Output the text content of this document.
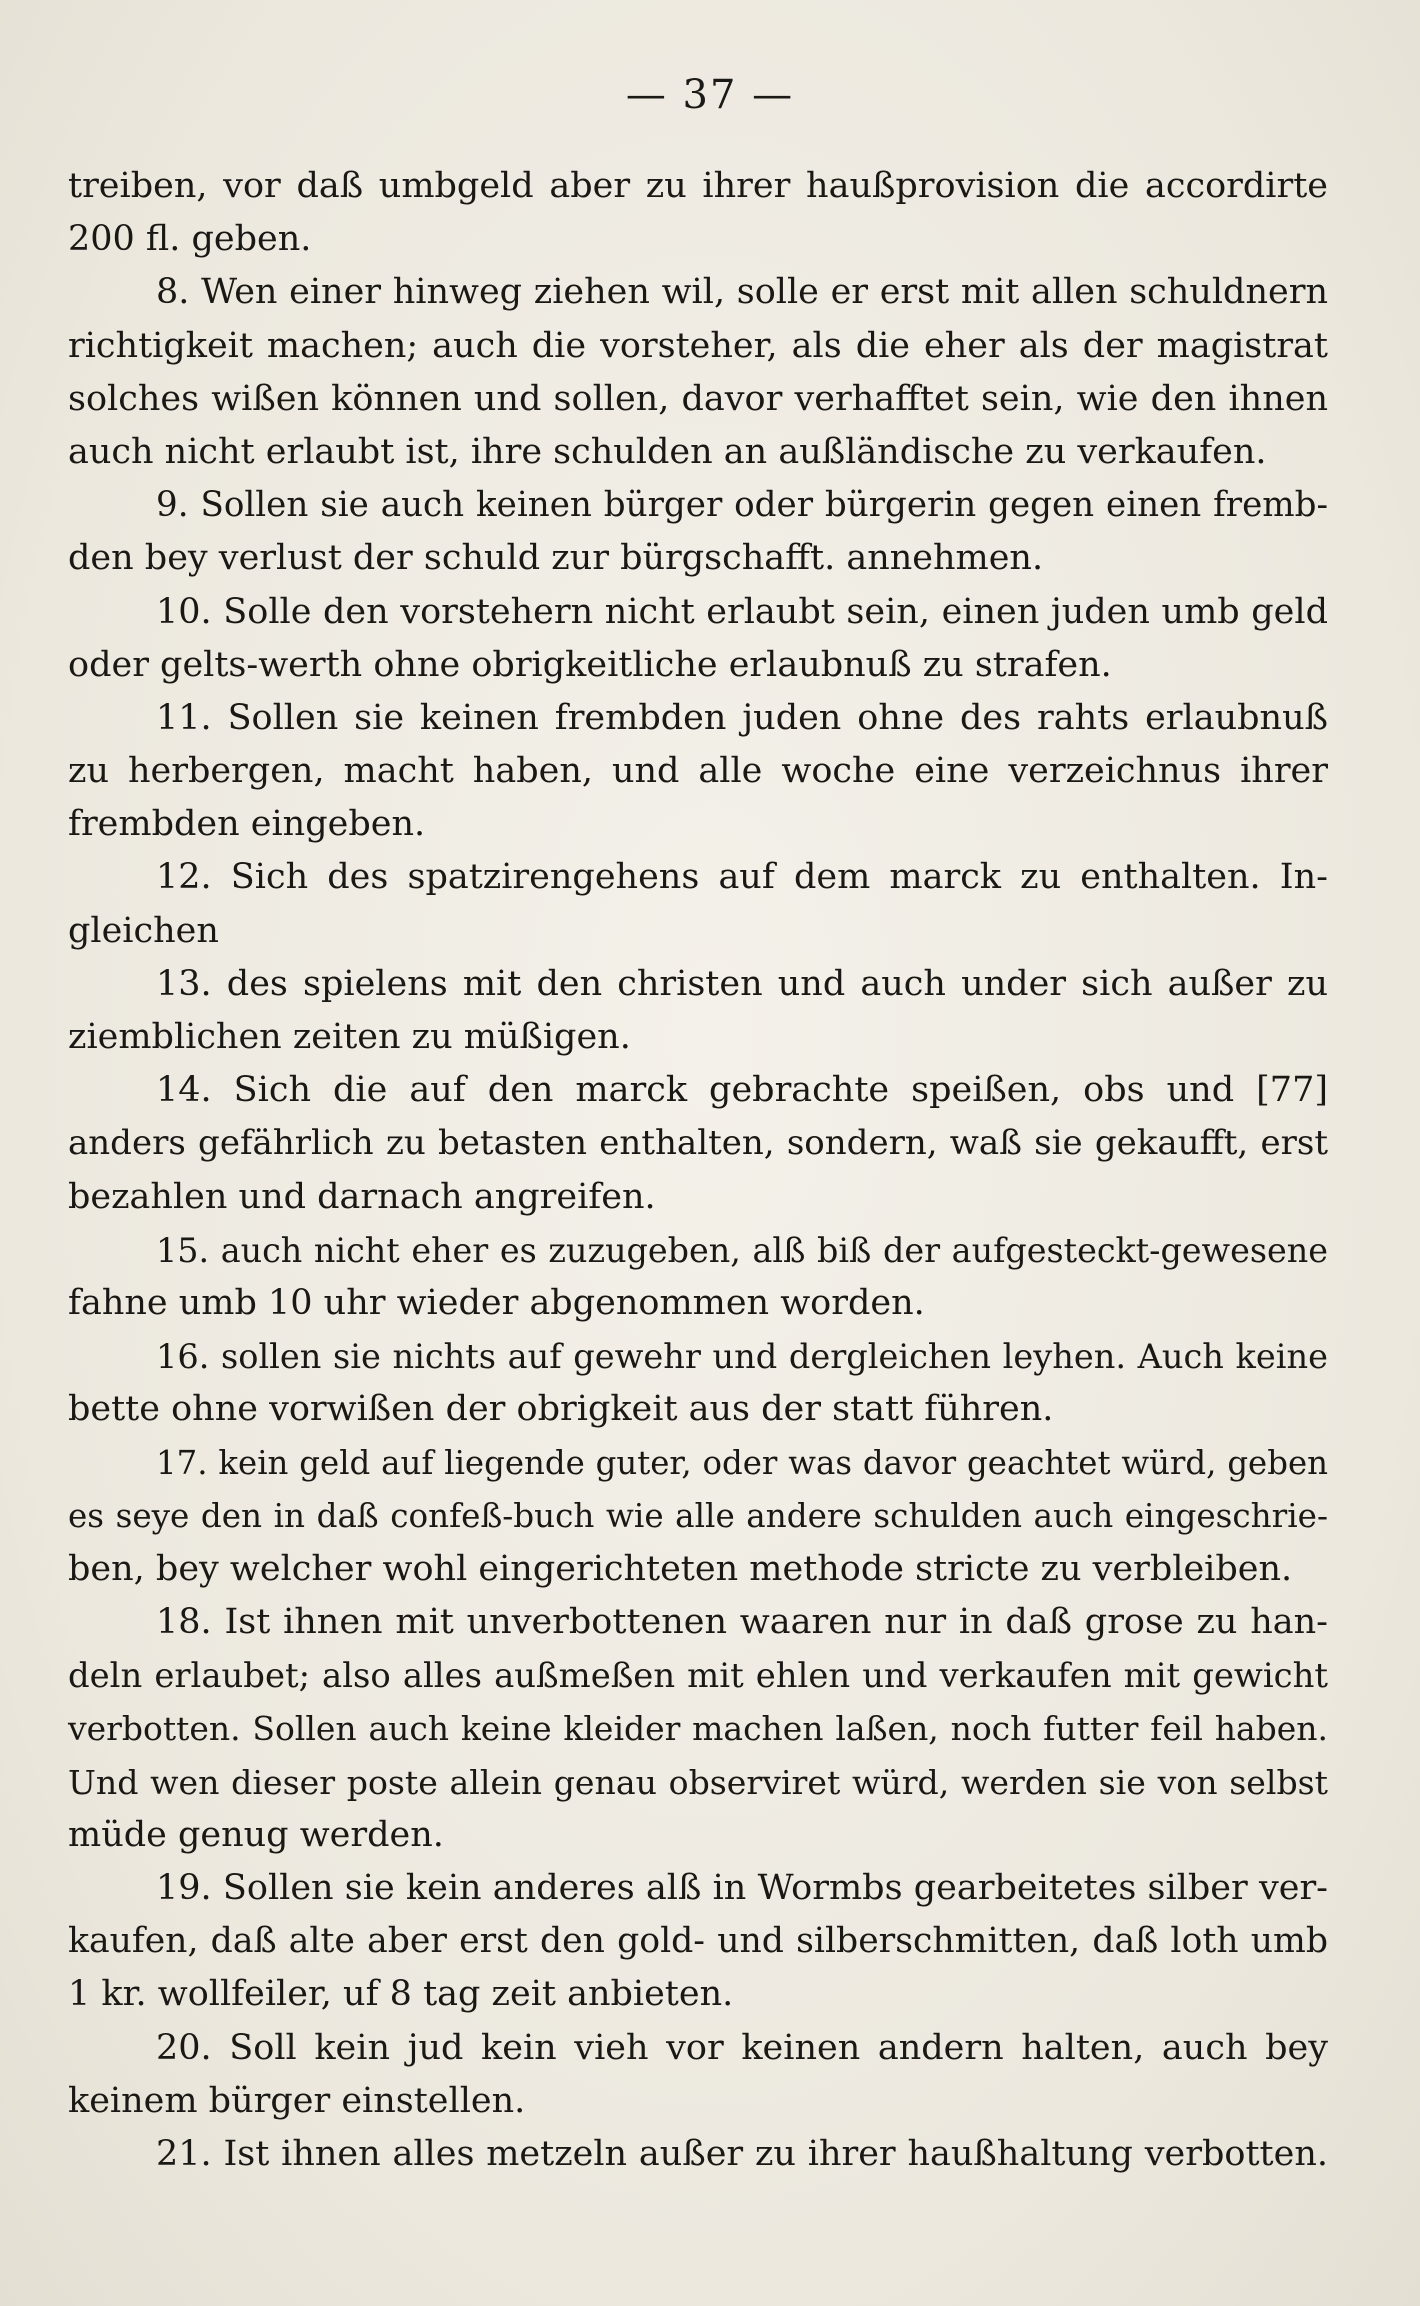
— 37 —
treiben, vor daß umbgeld aber zu ihrer haußprovision die accordirte
200 fl. geben.
8. Wen einer hinweg ziehen wil, solle er erst mit allen schuldnern
richtigkeit machen; auch die vorsteher, als die eher als der magistrat
solches wißen können und sollen, davor verhafftet sein, wie den ihnen
auch nicht erlaubt ist, ihre schulden an außländische zu verkaufen.
9. Sollen sie auch keinen bürger oder bürgerin gegen einen fremb-
den bey verlust der schuld zur bürgschafft. annehmen.
10. Solle den vorstehern nicht erlaubt sein, einen juden umb geld
oder gelts-werth ohne obrigkeitliche erlaubnuß zu strafen.
11. Sollen sie keinen frembden juden ohne des rahts erlaubnuß
zu herbergen, macht haben, und alle woche eine verzeichnus ihrer
frembden eingeben.
12. Sich des spatzirengehens auf dem marck zu enthalten. In-
gleichen
13. des spielens mit den christen und auch under sich außer zu
ziemblichen zeiten zu müßigen.
14. Sich die auf den marck gebrachte speißen, obs und [77]
anders gefährlich zu betasten enthalten, sondern, waß sie gekaufft, erst
bezahlen und darnach angreifen.
15. auch nicht eher es zuzugeben, alß biß der aufgesteckt-gewesene
fahne umb 10 uhr wieder abgenommen worden.
16. sollen sie nichts auf gewehr und dergleichen leyhen. Auch keine
bette ohne vorwißen der obrigkeit aus der statt führen.
17. kein geld auf liegende guter, oder was davor geachtet würd, geben
es seye den in daß confeß-buch wie alle andere schulden auch eingeschrie-
ben, bey welcher wohl eingerichteten methode stricte zu verbleiben.
18. Ist ihnen mit unverbottenen waaren nur in daß grose zu han-
deln erlaubet; also alles außmeßen mit ehlen und verkaufen mit gewicht
verbotten. Sollen auch keine kleider machen laßen, noch futter feil haben.
Und wen dieser poste allein genau observiret würd, werden sie von selbst
müde genug werden.
19. Sollen sie kein anderes alß in Wormbs gearbeitetes silber ver-
kaufen, daß alte aber erst den gold- und silberschmitten, daß loth umb
1 kr. wollfeiler, uf 8 tag zeit anbieten.
20. Soll kein jud kein vieh vor keinen andern halten, auch bey
keinem bürger einstellen.
21. Ist ihnen alles metzeln außer zu ihrer haußhaltung verbotten.
